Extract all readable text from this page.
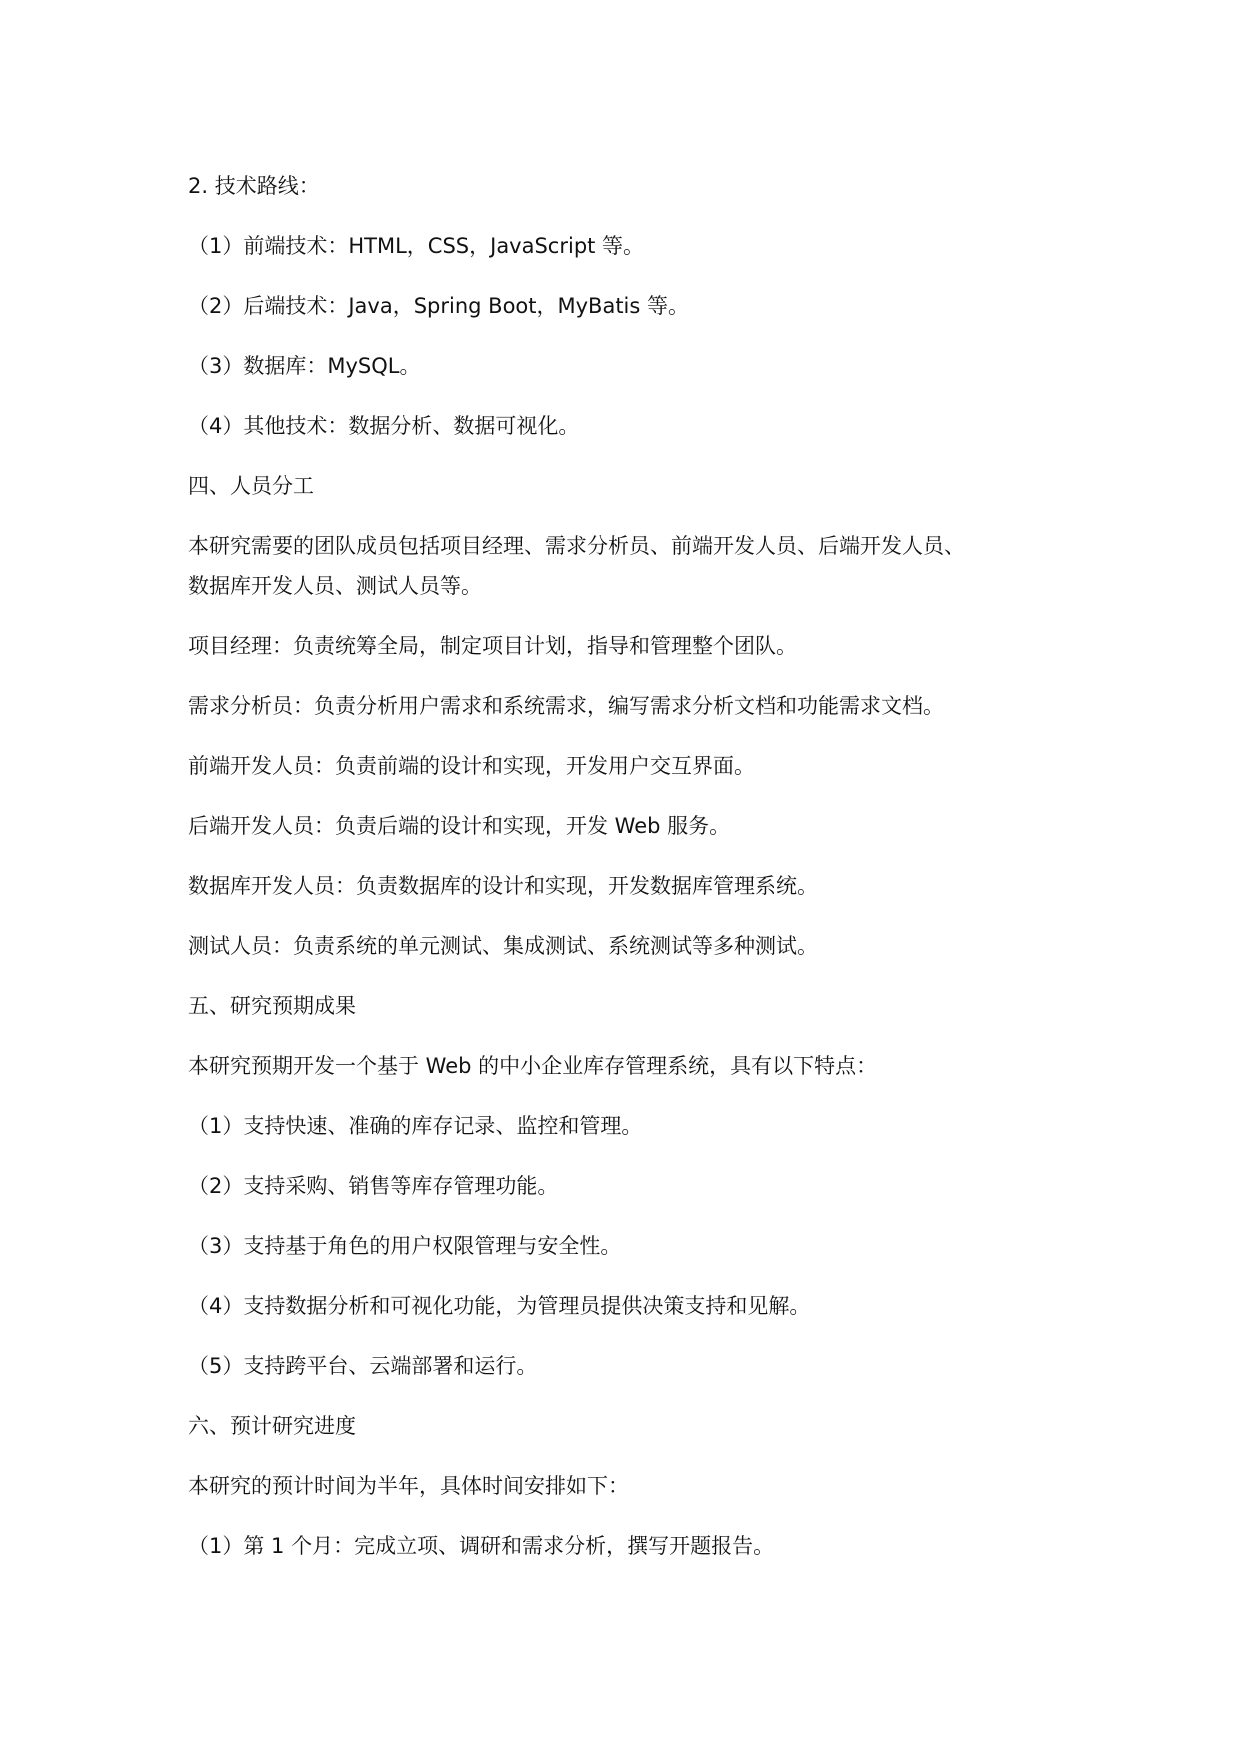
2. 技术路线：

（1）前端技术：HTML，CSS，JavaScript 等。

（2）后端技术：Java，Spring Boot，MyBatis 等。

（3）数据库：MySQL。

（4）其他技术：数据分析、数据可视化。

四、人员分工

本研究需要的团队成员包括项目经理、需求分析员、前端开发人员、后端开发人员、

数据库开发人员、测试人员等。

项目经理：负责统筹全局，制定项目计划，指导和管理整个团队。

需求分析员：负责分析用户需求和系统需求，编写需求分析文档和功能需求文档。

前端开发人员：负责前端的设计和实现，开发用户交互界面。

后端开发人员：负责后端的设计和实现，开发 Web 服务。

数据库开发人员：负责数据库的设计和实现，开发数据库管理系统。

测试人员：负责系统的单元测试、集成测试、系统测试等多种测试。

五、研究预期成果

本研究预期开发一个基于 Web 的中小企业库存管理系统，具有以下特点：

（1）支持快速、准确的库存记录、监控和管理。

（2）支持采购、销售等库存管理功能。

（3）支持基于角色的用户权限管理与安全性。

（4）支持数据分析和可视化功能，为管理员提供决策支持和见解。

（5）支持跨平台、云端部署和运行。

六、预计研究进度

本研究的预计时间为半年，具体时间安排如下：

（1）第 1 个月：完成立项、调研和需求分析，撰写开题报告。
